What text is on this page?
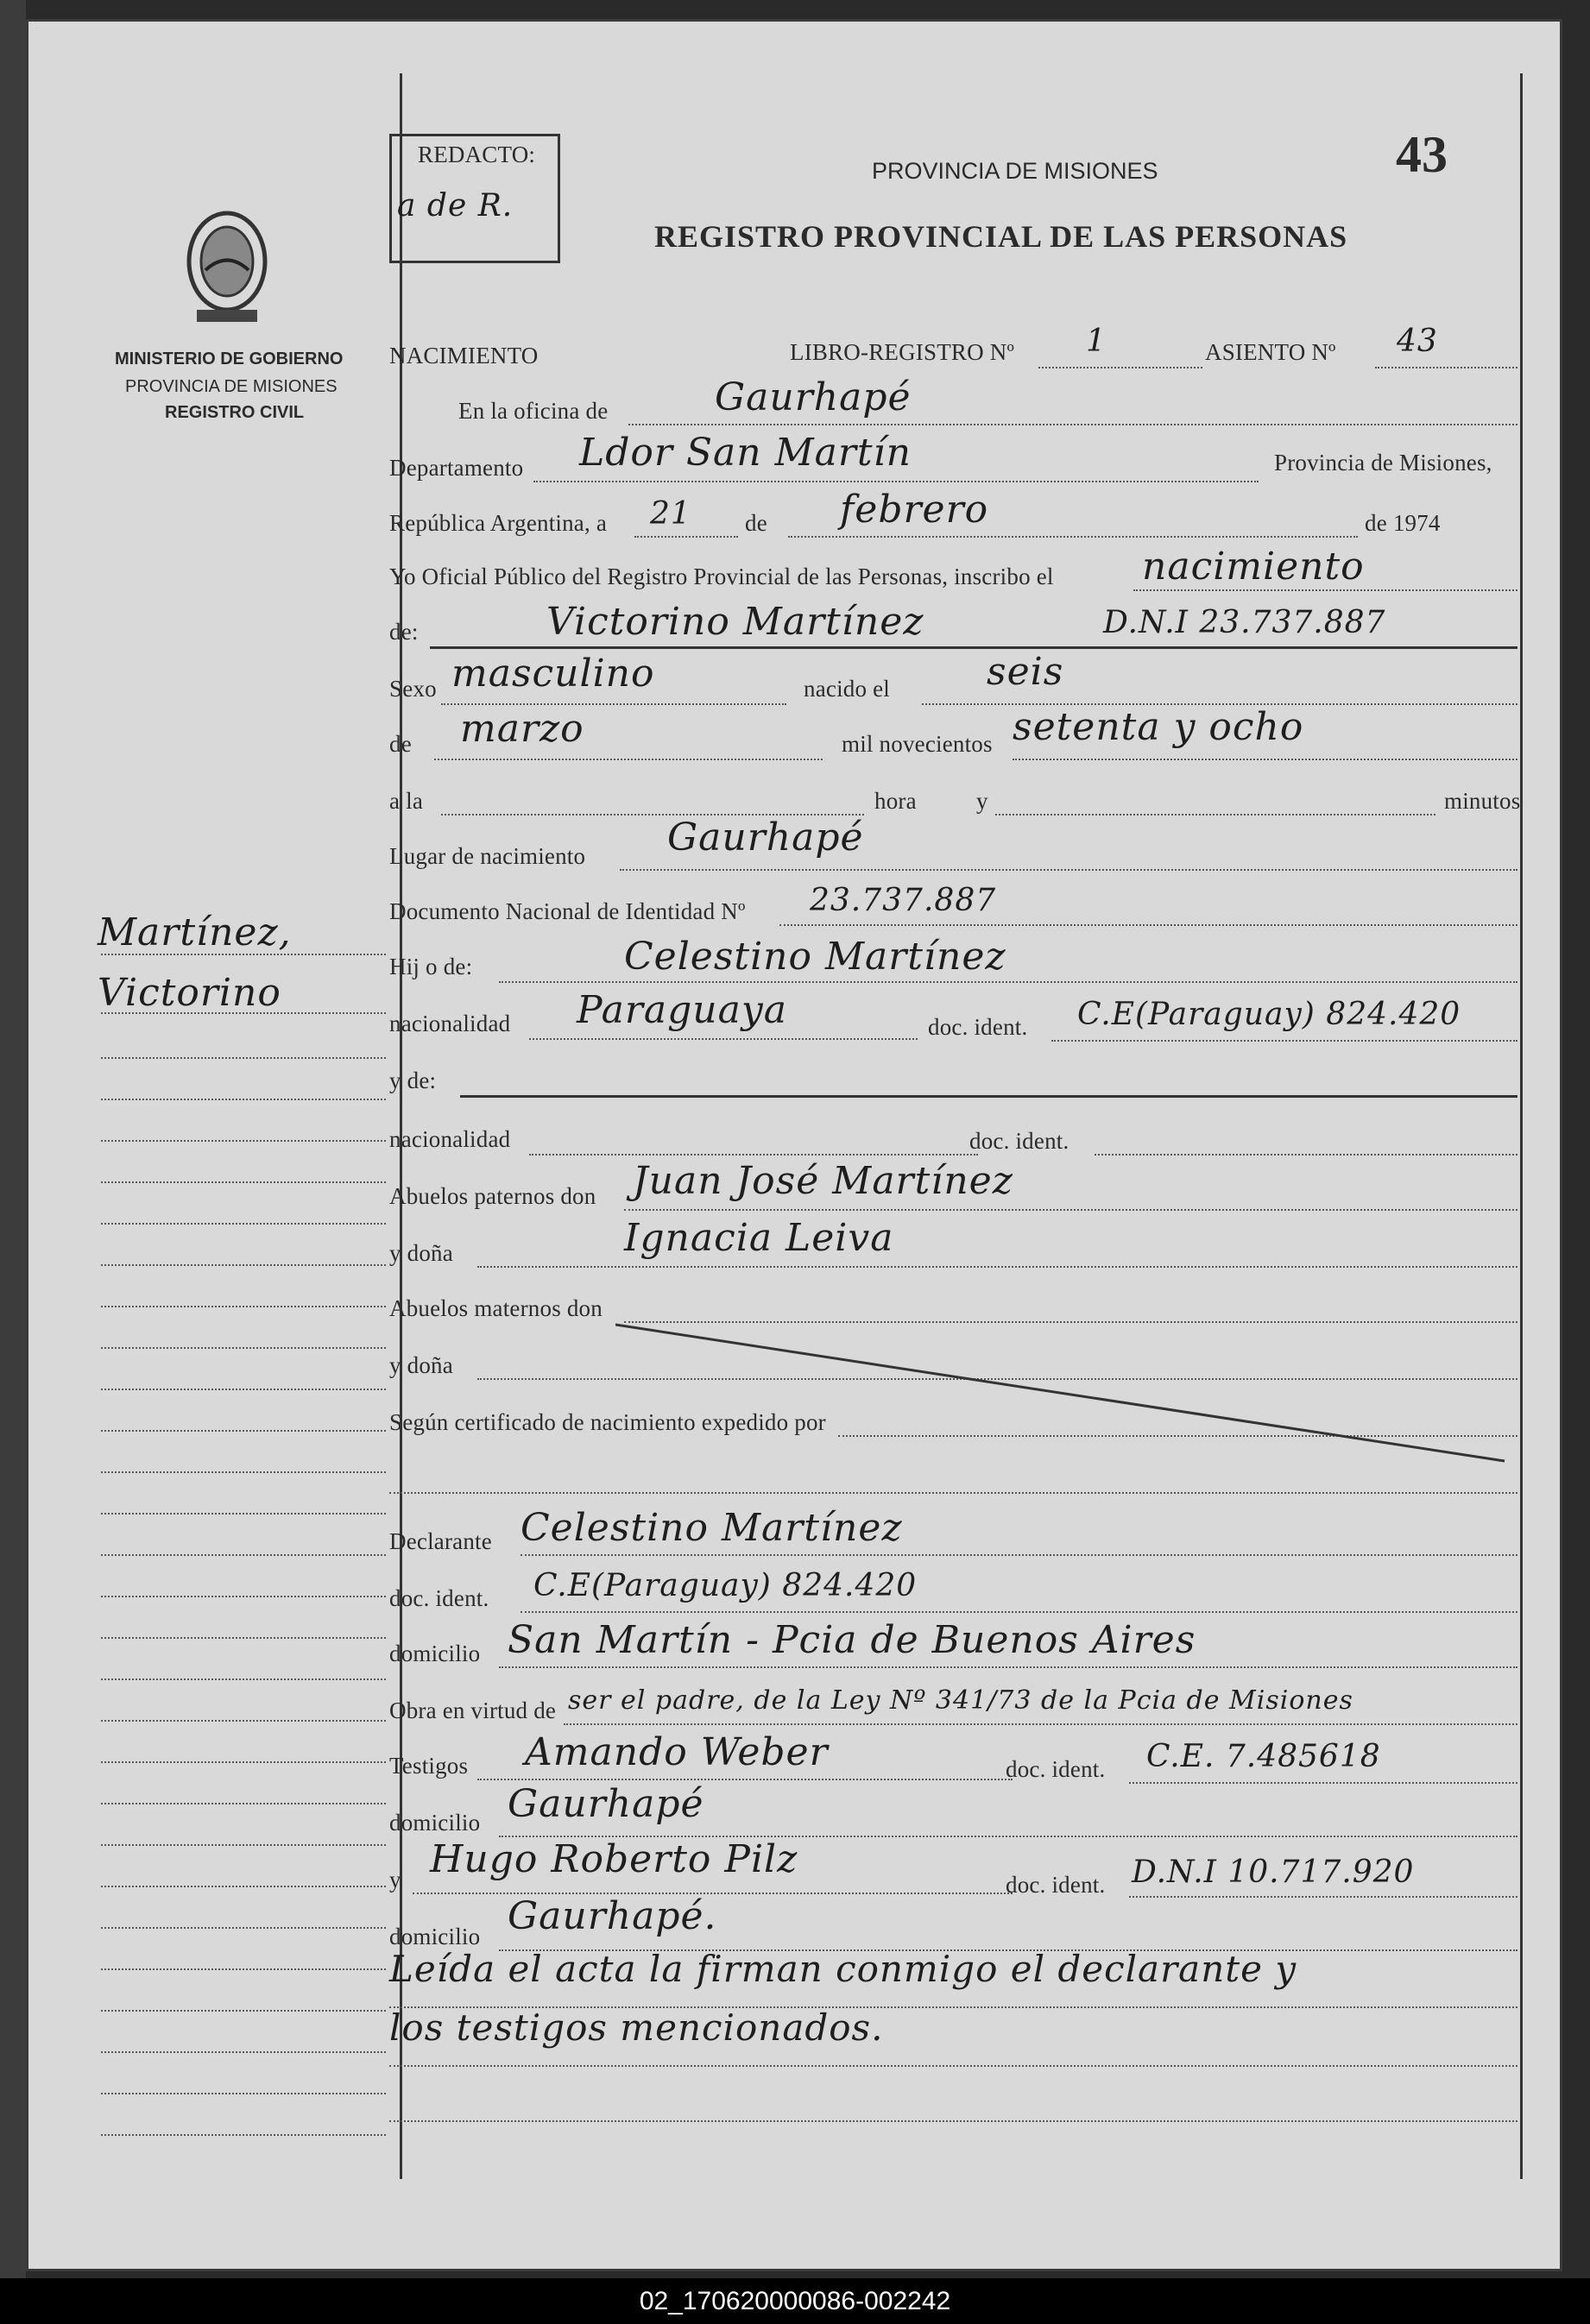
REDACTO:
a de R.
MINISTERIO DE GOBIERNO
PROVINCIA DE MISIONES
REGISTRO CIVIL
PROVINCIA DE MISIONES
REGISTRO PROVINCIAL DE LAS PERSONAS
43
NACIMIENTO	LIBRO-REGISTRO Nº 1	ASIENTO Nº 43
En la oficina de	Gaurhapé
Departamento Ldor San Martín	Provincia de Misiones,
República Argentina, a 21 de febrero	de 1974
Yo Oficial Público del Registro Provincial de las Personas, inscribo el nacimiento
de:	Victorino Martínez	D.N.I 23.737.887
Sexo masculino	nacido el	seis
de marzo	mil novecientos setenta y ocho
a la	hora	y	minutos
Lugar de nacimiento Gaurhapé
Documento Nacional de Identidad Nº 23.737.887
Hij o de:	Celestino Martínez
nacionalidad Paraguaya	doc. ident. C.E(Paraguay) 824.420
y de:
nacionalidad	doc. ident.
Abuelos paternos don Juan José Martínez
y doña	Ignacia Leiva
Abuelos maternos don
y doña
Según certificado de nacimiento expedido por
Declarante Celestino Martínez
doc. ident. C.E(Paraguay) 824.420
domicilio San Martín - Pcia de Buenos Aires
Obra en virtud de ser el padre, de la Ley Nº 341/73 de la Pcia de Misiones
Testigos Amando Weber	doc. ident. C.E. 7.485618
domicilio Gaurhapé
y Hugo Roberto Pilz
doc. ident. D.N.I 10.717.920
domicilio Gaurhapé.
Leída el acta la firman conmigo el declarante y
los testigos mencionados.
Martínez,
Victorino
02_170620000086-002242
